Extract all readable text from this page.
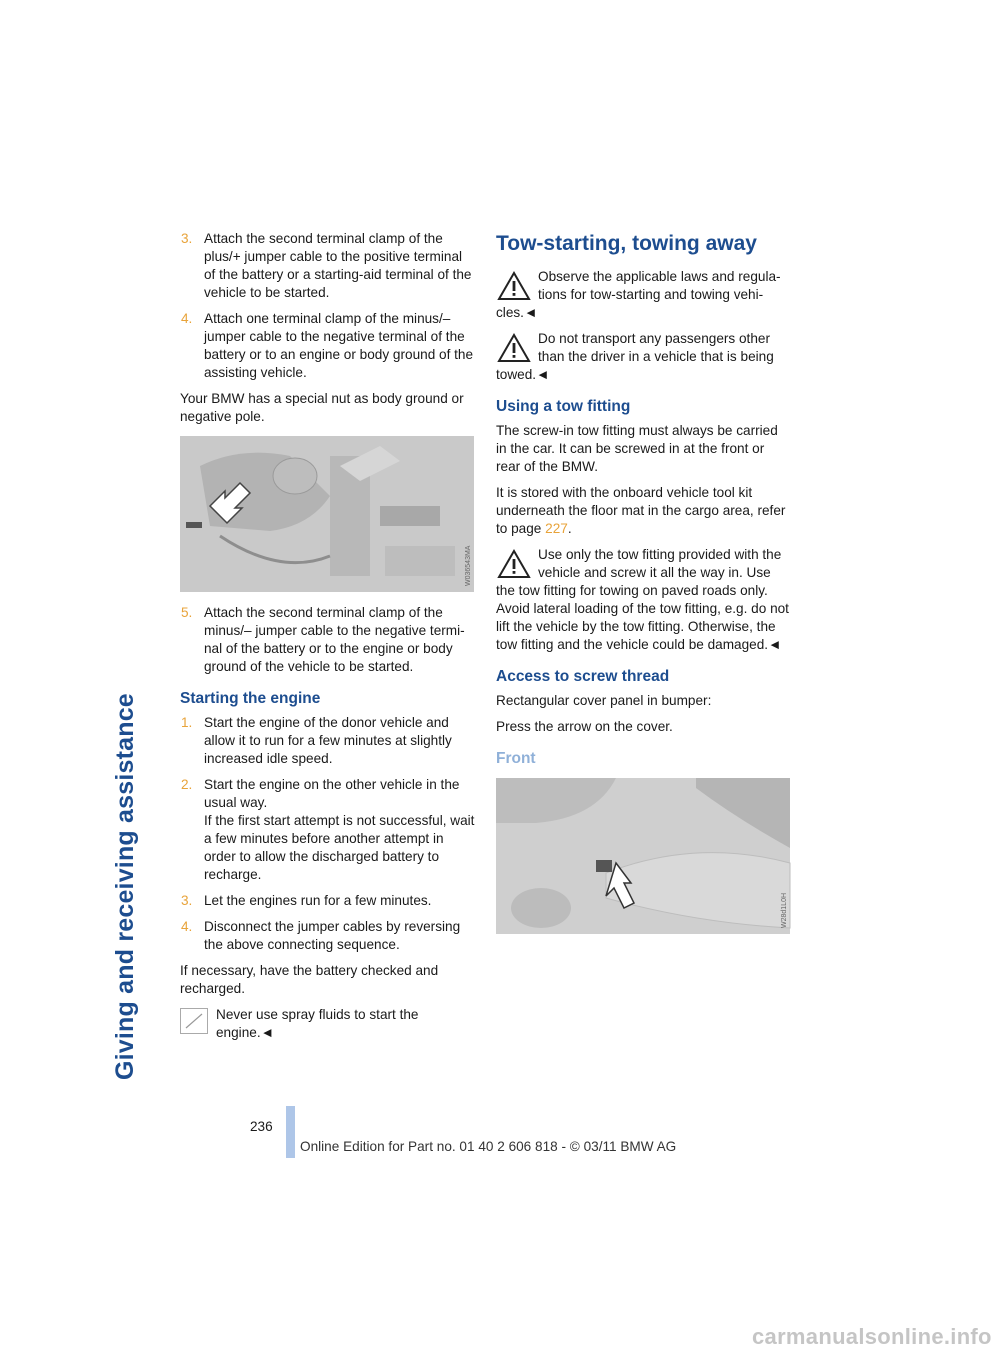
Giving and receiving assistance
3. Attach the second terminal clamp of the plus/+ jumper cable to the positive terminal of the battery or a starting-aid terminal of the vehicle to be started.
4. Attach one terminal clamp of the minus/– jumper cable to the negative terminal of the battery or to an engine or body ground of the assisting vehicle.

Your BMW has a special nut as body ground or negative pole.

W036543MA
5. Attach the second terminal clamp of the minus/– jumper cable to the negative termi-nal of the battery or to the engine or body ground of the vehicle to be started.
Starting the engine
1. Start the engine of the donor vehicle and allow it to run for a few minutes at slightly increased idle speed.
2. Start the engine on the other vehicle in the usual way.
If the first start attempt is not successful, wait a few minutes before another attempt in order to allow the discharged battery to recharge.
3. Let the engines run for a few minutes.
4. Disconnect the jumper cables by reversing the above connecting sequence.

If necessary, have the battery checked and recharged.

Never use spray fluids to start the engine.◄
Tow-starting, towing away
Observe the applicable laws and regula-tions for tow-starting and towing vehi-cles.◄
Do not transport any passengers other than the driver in a vehicle that is being towed.◄
Using a tow fitting

The screw-in tow fitting must always be carried in the car. It can be screwed in at the front or rear of the BMW.

It is stored with the onboard vehicle tool kit underneath the floor mat in the cargo area, refer to page 227.

Use only the tow fitting provided with the vehicle and screw it all the way in. Use the tow fitting for towing on paved roads only. Avoid lateral loading of the tow fitting, e.g. do not lift the vehicle by the tow fitting. Otherwise, the tow fitting and the vehicle could be damaged.◄
Access to screw thread

Rectangular cover panel in bumper:

Press the arrow on the cover.

Front
W28d1L0H
236
Online Edition for Part no. 01 40 2 606 818 - © 03/11 BMW AG
carmanualsonline.info
